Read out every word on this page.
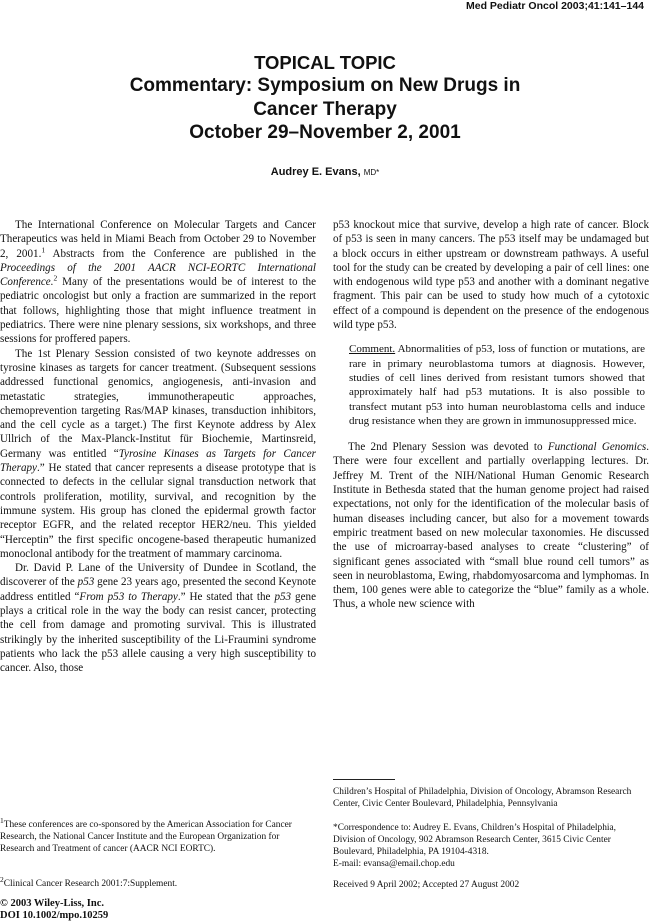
Med Pediatr Oncol 2003;41:141–144
TOPICAL TOPIC
Commentary: Symposium on New Drugs in
Cancer Therapy
October 29–November 2, 2001
Audrey E. Evans, MD*

The International Conference on Molecular Targets and Cancer Therapeutics was held in Miami Beach from October 29 to November 2, 2001.$^1$ Abstracts from the Conference are published in the Proceedings of the 2001 AACR NCI-EORTC International Conference.$^2$ Many of the presentations would be of interest to the pediatric oncologist but only a fraction are summarized in the report that follows, highlighting those that might influence treatment in pediatrics. There were nine plenary sessions, six workshops, and three sessions for proffered papers.

The 1st Plenary Session consisted of two keynote addresses on tyrosine kinases as targets for cancer treatment. (Subsequent sessions addressed functional genomics, angiogenesis, anti-invasion and metastatic strategies, immunotherapeutic approaches, chemoprevention targeting Ras/MAP kinases, transduction inhibitors, and the cell cycle as a target.) The first Keynote address by Alex Ullrich of the Max-Planck-Institut für Biochemie, Martinsreid, Germany was entitled “Tyrosine Kinases as Targets for Cancer Therapy.” He stated that cancer represents a disease prototype that is connected to defects in the cellular signal transduction network that controls proliferation, motility, survival, and recognition by the immune system. His group has cloned the epidermal growth factor receptor EGFR, and the related receptor HER2/neu. This yielded “Herceptin” the first specific oncogene-based therapeutic humanized monoclonal antibody for the treatment of mammary carcinoma.

Dr. David P. Lane of the University of Dundee in Scotland, the discoverer of the p53 gene 23 years ago, presented the second Keynote address entitled “From p53 to Therapy.” He stated that the p53 gene plays a critical role in the way the body can resist cancer, protecting the cell from damage and promoting survival. This is illustrated strikingly by the inherited susceptibility of the Li-Fraumini syndrome patients who lack the p53 allele causing a very high susceptibility to cancer. Also, those

p53 knockout mice that survive, develop a high rate of cancer. Block of p53 is seen in many cancers. The p53 itself may be undamaged but a block occurs in either upstream or downstream pathways. A useful tool for the study can be created by developing a pair of cell lines: one with endogenous wild type p53 and another with a dominant negative fragment. This pair can be used to study how much of a cytotoxic effect of a compound is dependent on the presence of the endogenous wild type p53.

Comment. Abnormalities of p53, loss of function or mutations, are rare in primary neuroblastoma tumors at diagnosis. However, studies of cell lines derived from resistant tumors showed that approximately half had p53 mutations. It is also possible to transfect mutant p53 into human neuroblastoma cells and induce drug resistance when they are grown in immunosuppressed mice.

The 2nd Plenary Session was devoted to Functional Genomics. There were four excellent and partially overlapping lectures. Dr. Jeffrey M. Trent of the NIH/National Human Genomic Research Institute in Bethesda stated that the human genome project had raised expectations, not only for the identification of the molecular basis of human diseases including cancer, but also for a movement towards empiric treatment based on new molecular taxonomies. He discussed the use of microarray-based analyses to create “clustering” of significant genes associated with “small blue round cell tumors” as seen in neuroblastoma, Ewing, rhabdomyosarcoma and lymphomas. In them, 100 genes were able to categorize the “blue” family as a whole. Thus, a whole new science with

Children’s Hospital of Philadelphia, Division of Oncology, Abramson Research Center, Civic Center Boulevard, Philadelphia, Pennsylvania
*Correspondence to: Audrey E. Evans, Children’s Hospital of Philadelphia, Division of Oncology, 902 Abramson Research Center, 3615 Civic Center Boulevard, Philadelphia, PA 19104-4318.
E-mail: evansa@email.chop.edu
Received 9 April 2002; Accepted 27 August 2002
$^1$These conferences are co-sponsored by the American Association for Cancer Research, the National Cancer Institute and the European Organization for Research and Treatment of cancer (AACR NCI EORTC).
$^2$Clinical Cancer Research 2001:7:Supplement.
© 2003 Wiley-Liss, Inc.
DOI 10.1002/mpo.10259
